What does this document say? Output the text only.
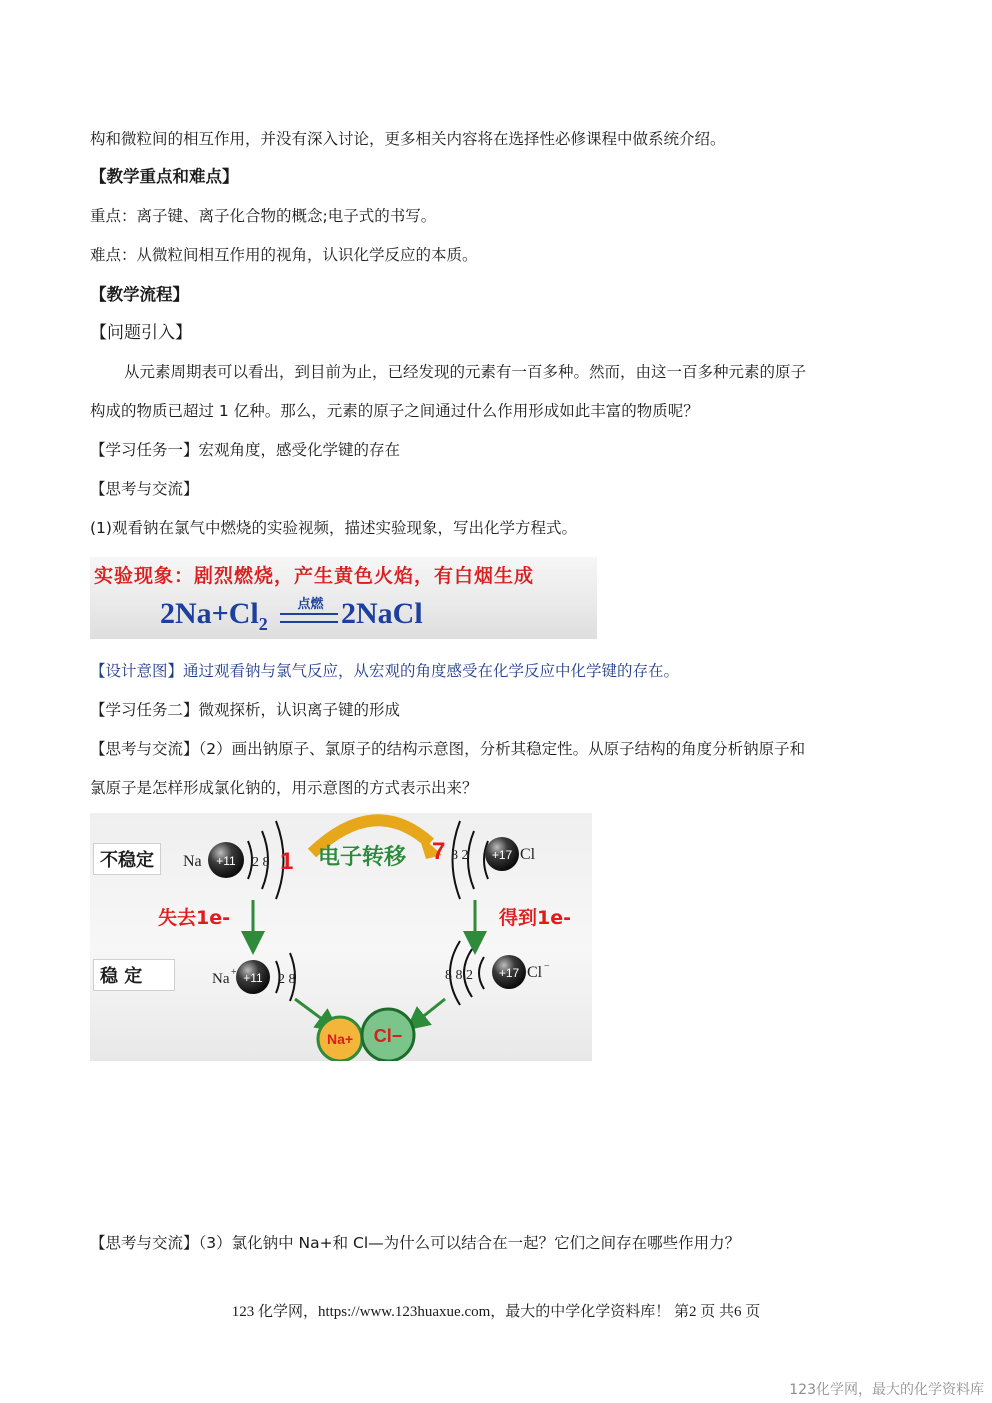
构和微粒间的相互作用，并没有深入讨论，更多相关内容将在选择性必修课程中做系统介绍。
【教学重点和难点】
重点：离子键、离子化合物的概念;电子式的书写。
难点：从微粒间相互作用的视角，认识化学反应的本质。
【教学流程】
【问题引入】
从元素周期表可以看出，到目前为止，已经发现的元素有一百多种。然而，由这一百多种元素的原子
构成的物质已超过 1 亿种。那么，元素的原子之间通过什么作用形成如此丰富的物质呢？
【学习任务一】宏观角度，感受化学键的存在
【思考与交流】
(1)观看钠在氯气中燃烧的实验视频，描述实验现象，写出化学方程式。
实验现象：剧烈燃烧，产生黄色火焰，有白烟生成
$2Na+Cl_2$
点燃 2NaCl
【设计意图】通过观看钠与氯气反应，从宏观的角度感受在化学反应中化学键的存在。
【学习任务二】微观探析，认识离子键的形成
【思考与交流】（2）画出钠原子、氯原子的结构示意图，分析其稳定性。从原子结构的角度分析钠原子和
氯原子是怎样形成氯化钠的，用示意图的方式表示出来？
+11
Na	2 8 1 电子转移 7 8 2 +17 Cl
失去1e-	得到1e-
Na + +11 2 8	8 8 2 +17 Cl −
Na+ Cl−
不稳定
稳 定
【思考与交流】（3）氯化钠中 Na+和 Cl—为什么可以结合在一起？它们之间存在哪些作用力？
123 化学网，https://www.123huaxue.com，最大的中学化学资料库！ 第2 页 共6 页
123化学网，最大的化学资料库
